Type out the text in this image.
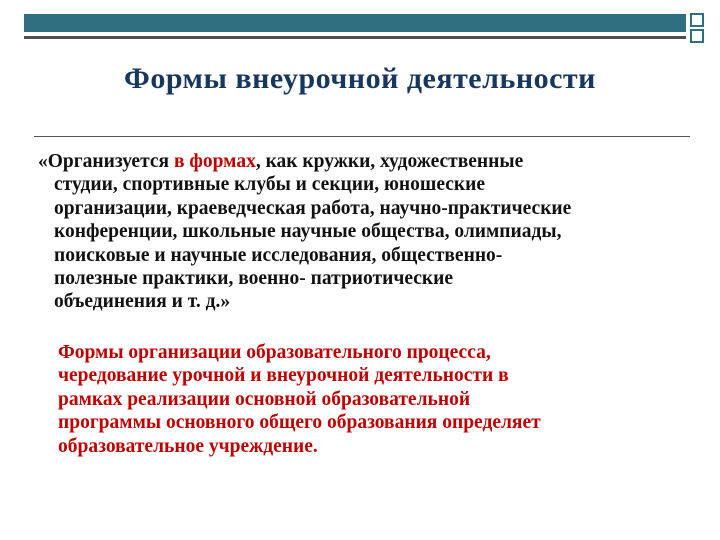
Формы внеурочной деятельности
«Организуется в формах, как кружки, художественные
студии, спортивные клубы и секции, юношеские
организации, краеведческая работа, научно-практические
конференции, школьные научные общества, олимпиады,
поисковые и научные исследования, общественно-
полезные практики, военно- патриотические
объединения и т. д.»
Формы организации образовательного процесса,
чередование урочной и внеурочной деятельности в
рамках реализации основной образовательной
программы основного общего образования определяет
образовательное учреждение.
